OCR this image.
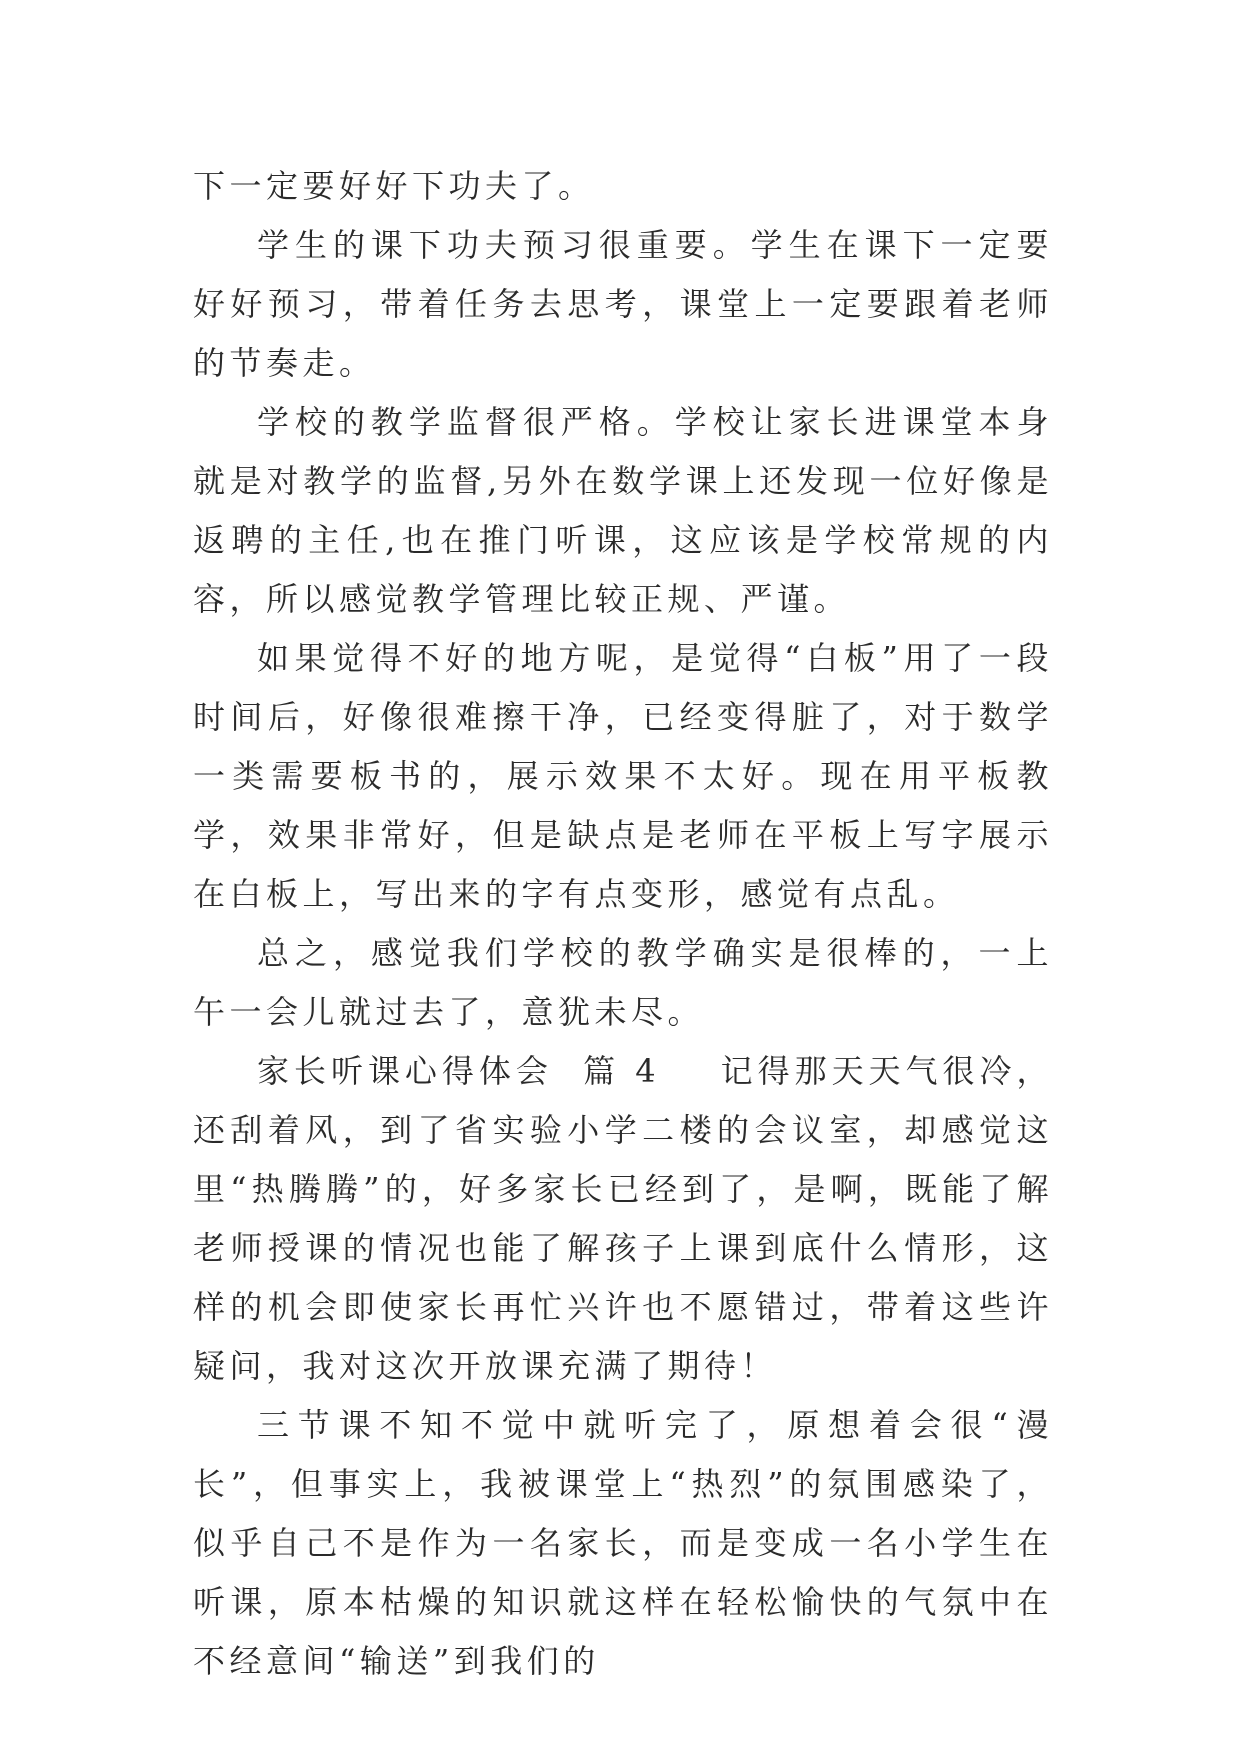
下一定要好好下功夫了。

学生的课下功夫预习很重要。学生在课下一定要好好预习，带着任务去思考，课堂上一定要跟着老师的节奏走。

学校的教学监督很严格。学校让家长进课堂本身就是对教学的监督,另外在数学课上还发现一位好像是返聘的主任,也在推门听课，这应该是学校常规的内容，所以感觉教学管理比较正规、严谨。

如果觉得不好的地方呢，是觉得“白板”用了一段时间后，好像很难擦干净，已经变得脏了，对于数学一类需要板书的，展示效果不太好。现在用平板教学，效果非常好，但是缺点是老师在平板上写字展示在白板上，写出来的字有点变形，感觉有点乱。

总之，感觉我们学校的教学确实是很棒的，一上午一会儿就过去了，意犹未尽。

家长听课心得体会 篇 4 记得那天天气很冷，还刮着风，到了省实验小学二楼的会议室，却感觉这里“热腾腾”的，好多家长已经到了，是啊，既能了解老师授课的情况也能了解孩子上课到底什么情形，这样的机会即使家长再忙兴许也不愿错过，带着这些许疑问，我对这次开放课充满了期待！

三节课不知不觉中就听完了，原想着会很“漫长”，但事实上，我被课堂上“热烈”的氛围感染了，似乎自己不是作为一名家长，而是变成一名小学生在听课，原本枯燥的知识就这样在轻松愉快的气氛中在不经意间“输送”到我们的
